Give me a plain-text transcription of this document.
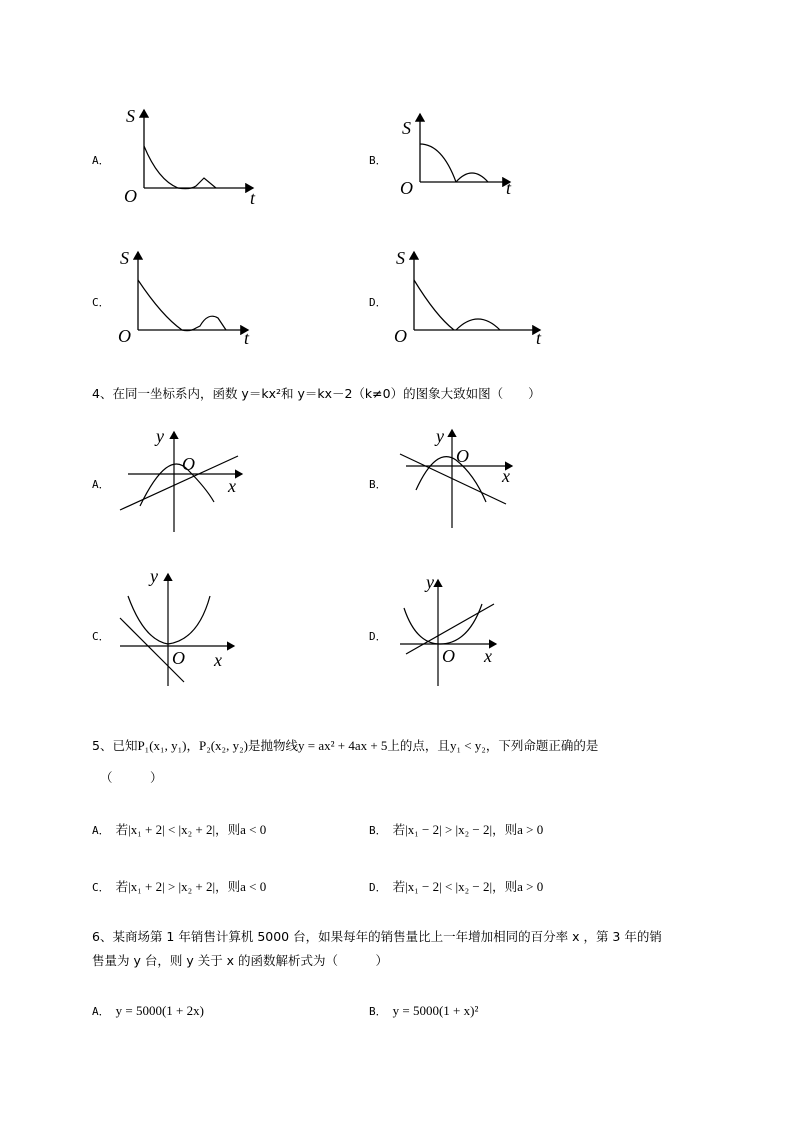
A．
S
t
O
B．
S
t
O
C．
S
t
O
D．
S
t
O
4、在同一坐标系内，函数 y＝kx²和 y＝kx－2（k≠0）的图象大致如图（　　）
A．
y
x
O
B．
y
x
O
C．
y
x
O
D．
y
x
O
5、已知P₁(x₁, y₁)，P₂(x₂, y₂)是抛物线y = ax² + 4ax + 5上的点，且y₁ < y₂，下列命题正确的是
（　　　）
A． 若|x₁ + 2| < |x₂ + 2|，则a < 0	B． 若|x₁ − 2| > |x₂ − 2|，则a > 0
C． 若|x₁ + 2| > |x₂ + 2|，则a < 0	D． 若|x₁ − 2| < |x₂ − 2|，则a > 0
6、某商场第 1 年销售计算机 5000 台，如果每年的销售量比上一年增加相同的百分率 x ，第 3 年的销
售量为 y 台，则 y 关于 x 的函数解析式为（　　　）
A． y = 5000(1 + 2x)	B． y = 5000(1 + x)²
